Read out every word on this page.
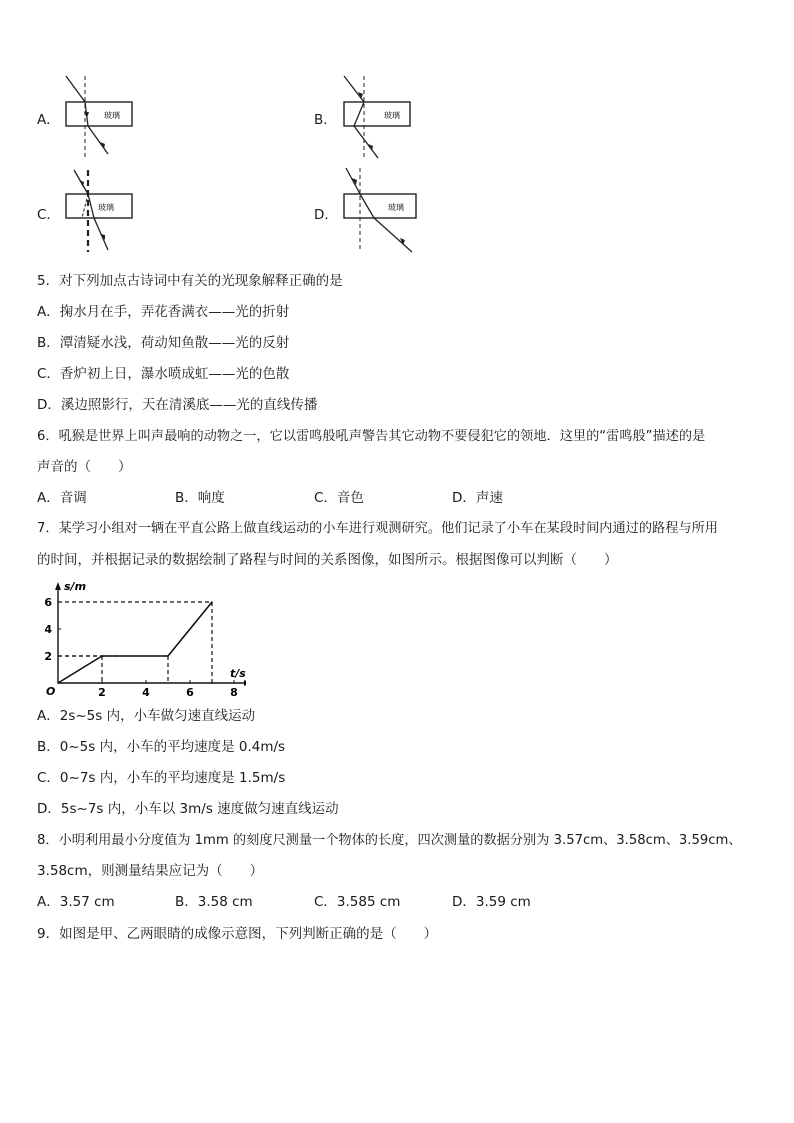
A．	玻璃	B．	玻璃
C．	玻璃	D．	玻璃
5．对下列加点古诗词中有关的光现象解释正确的是
A．掬水月在手，弄花香满衣——光的折射
B．潭清疑水浅，荷动知鱼散——光的反射
C．香炉初上日，瀑水喷成虹——光的色散
D．溪边照影行，天在清溪底——光的直线传播
6．吼猴是世界上叫声最响的动物之一，它以雷鸣般吼声警告其它动物不要侵犯它的领地．这里的“雷鸣般”描述的是
声音的（　　）
A．音调	B．响度	C．音色	D．声速
7．某学习小组对一辆在平直公路上做直线运动的小车进行观测研究。他们记录了小车在某段时间内通过的路程与所用
的时间，并根据记录的数据绘制了路程与时间的关系图像，如图所示。根据图像可以判断（　　）
2	4	6	8
2
4
6
s/m
t/s
O
A．2s~5s 内，小车做匀速直线运动
B．0~5s 内，小车的平均速度是 0.4m/s
C．0~7s 内，小车的平均速度是 1.5m/s
D．5s~7s 内，小车以 3m/s 速度做匀速直线运动
8．小明利用最小分度值为 1mm 的刻度尺测量一个物体的长度，四次测量的数据分别为 3.57cm、3.58cm、3.59cm、
3.58cm，则测量结果应记为（　　）
A．3.57 cm	B．3.58 cm	C．3.585 cm	D．3.59 cm
9．如图是甲、乙两眼睛的成像示意图，下列判断正确的是（　　）
